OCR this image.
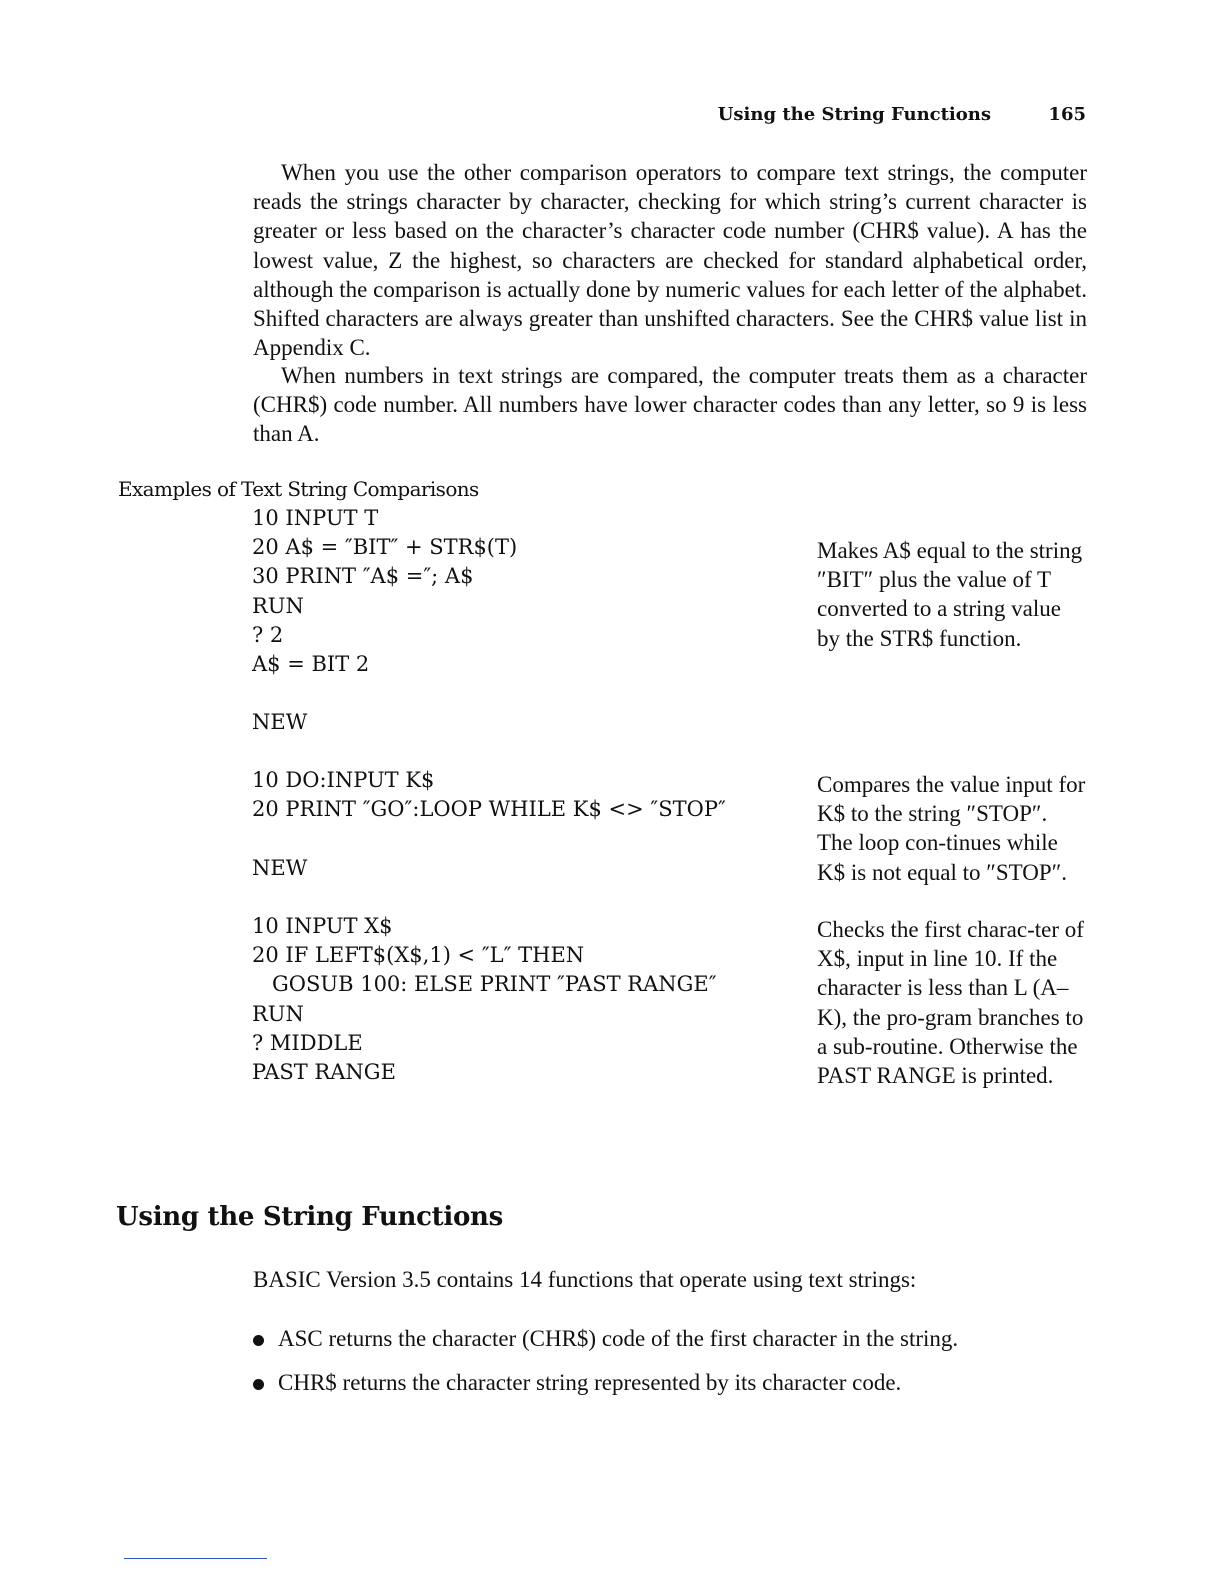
Using the String Functions	165

When you use the other comparison operators to compare text strings, the computer reads the strings character by character, checking for which string’s current character is greater or less based on the character’s character code number (CHR$ value). A has the lowest value, Z the highest, so characters are checked for standard alphabetical order, although the comparison is actually done by numeric values for each letter of the alphabet. Shifted characters are always greater than unshifted characters. See the CHR$ value list in Appendix C.

When numbers in text strings are compared, the computer treats them as a character (CHR$) code number. All numbers have lower character codes than any letter, so 9 is less than A.

Examples of Text String Comparisons
10 INPUT T
20 A$ = ″BIT″ + STR$(T)
30 PRINT ″A$ =″; A$
RUN
? 2
A$ = BIT 2
NEW
10 DO:INPUT K$
20 PRINT ″GO″:LOOP WHILE K$ <> ″STOP″
NEW
10 INPUT X$
20 IF LEFT$(X$,1) < ″L″ THEN
GOSUB 100: ELSE PRINT ″PAST RANGE″
RUN
? MIDDLE
PAST RANGE

Makes A$ equal to the string ″BIT″ plus the value of T converted to a string value by the STR$ function.

Compares the value input for K$ to the string ″STOP″. The loop con-tinues while K$ is not equal to ″STOP″.

Checks the first charac-ter of X$, input in line 10. If the character is less than L (A–K), the pro-gram branches to a sub-routine. Otherwise the PAST RANGE is printed.

Using the String Functions

BASIC Version 3.5 contains 14 functions that operate using text strings:

ASC returns the character (CHR$) code of the first character in the string.
CHR$ returns the character string represented by its character code.
